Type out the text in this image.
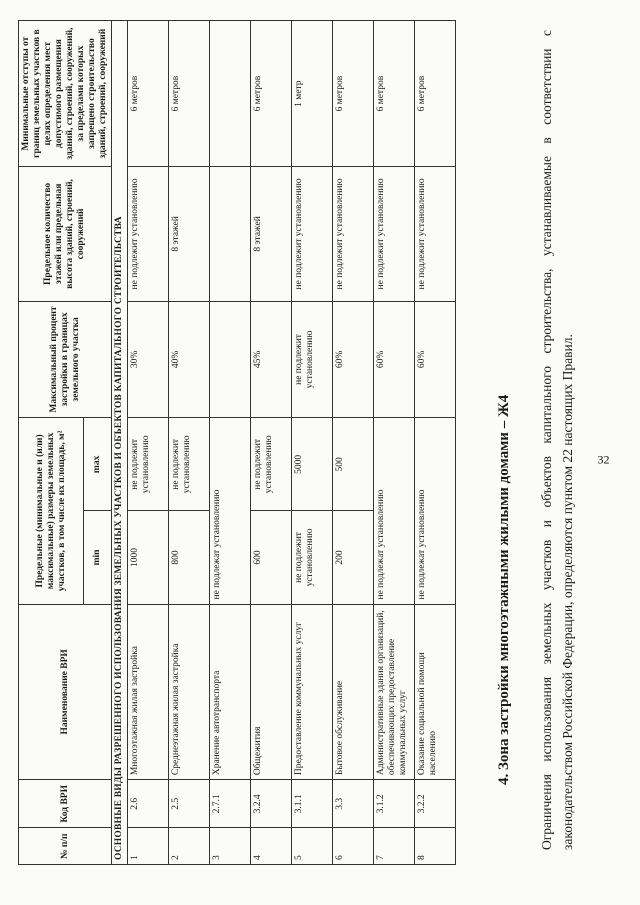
32
Ограничения использования земельных участков и объектов капитального строительства, устанавливаемые в соответствии с законодательством Российской Федерации, определяются пунктом 22 настоящих Правил.
4. Зона застройки многоэтажными жилыми домами – Ж4
№ п/п	Код ВРИ	Наименование ВРИ	Предельные (минимальные и (или) максимальные) размеры земельных участков, в том числе их площадь, м²		Максимальный процент застройки в границах земельного участка	Предельное количество этажей или предельная высота зданий, строений, сооружений	Минимальные отступы от границ земельных участков в целях определения мест допустимого размещения зданий, строений, сооружений, за пределами которых запрещено строительство зданий, строений, сооружений
			min	max			
ОСНОВНЫЕ ВИДЫ РАЗРЕШЕННОГО ИСПОЛЬЗОВАНИЯ ЗЕМЕЛЬНЫХ УЧАСТКОВ И ОБЪЕКТОВ КАПИТАЛЬНОГО СТРОИТЕЛЬСТВА							
1	2.6	Многоэтажная жилая застройка	1000	не подлежит установлению	30%	не подлежит установлению	6 метров
2	2.5	Среднеэтажная жилая застройка	800	не подлежит установлению	40%	8 этажей	6 метров
3	2.7.1	Хранение автотранспорта	не подлежат установлению				
4	3.2.4	Общежития	600	не подлежит установлению	45%	8 этажей	6 метров
5	3.1.1	Предоставление коммунальных услуг	не подлежит установлению	5000	не подлежит установлению	не подлежит установлению	1 метр
6	3.3	Бытовое обслуживание	200	500	60%	не подлежит установлению	6 метров
7	3.1.2	Административные здания организаций, обеспечивающих предоставление коммунальных услуг	не подлежат установлению		60%	не подлежит установлению	6 метров
8	3.2.2	Оказание социальной помощи населению	не подлежат установлению		60%	не подлежит установлению	6 метров
